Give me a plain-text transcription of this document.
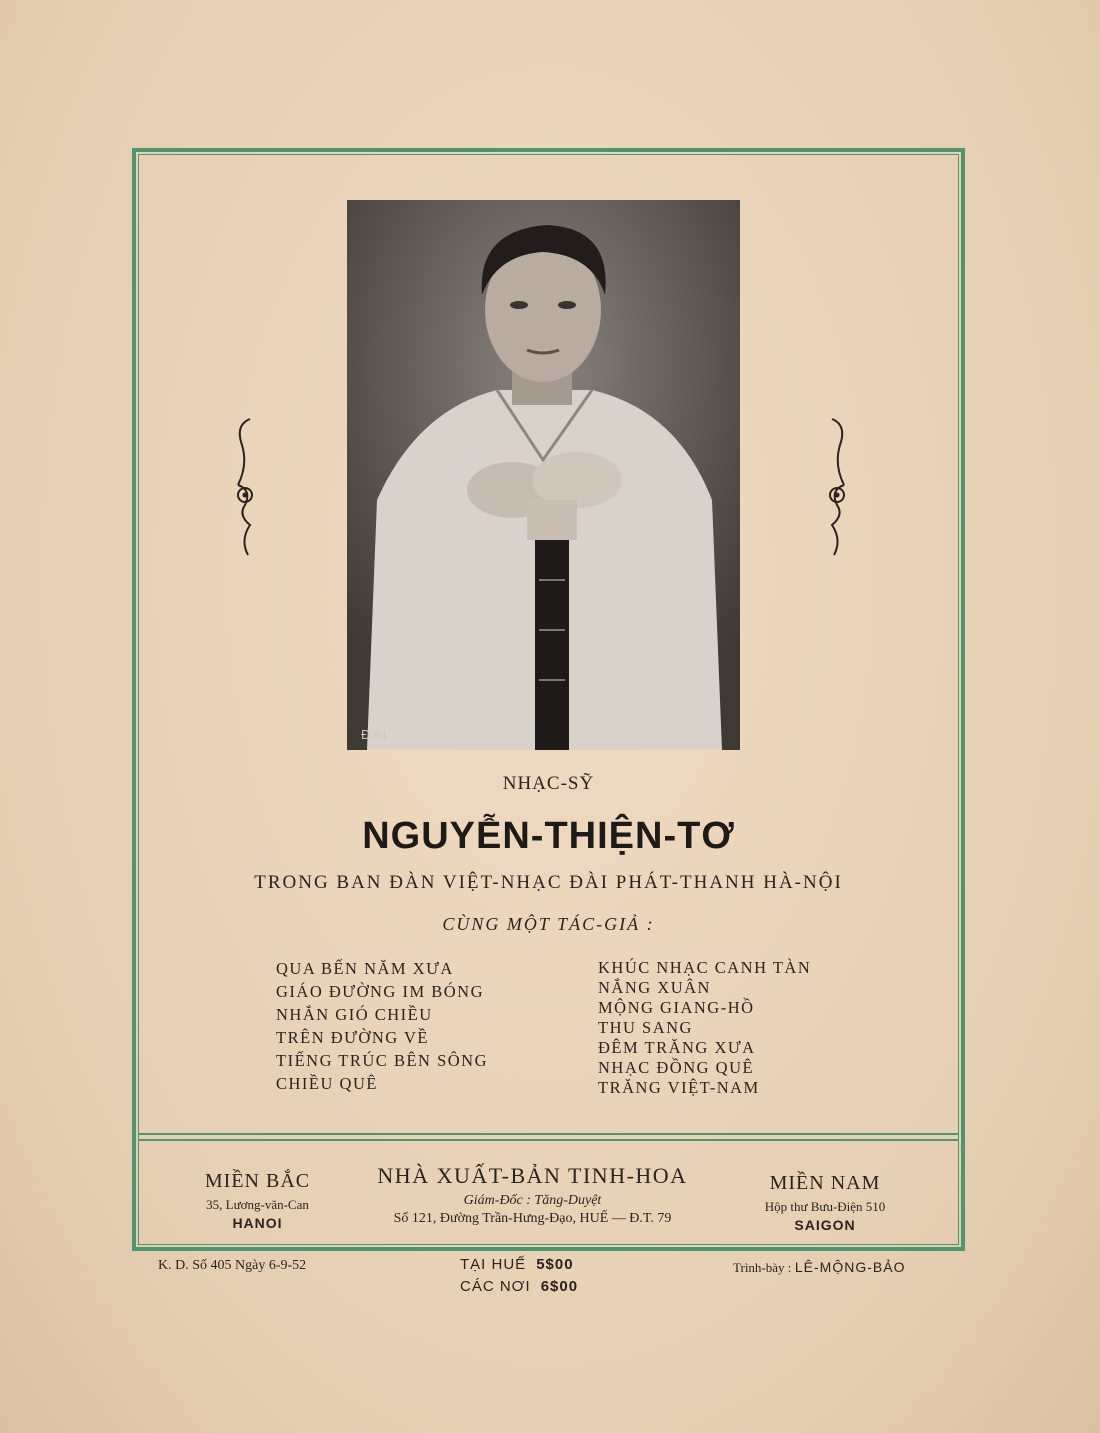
ĐẠI
NHẠC-SỸ
NGUYỄN-THIỆN-TƠ
TRONG BAN ĐÀN VIỆT-NHẠC ĐÀI PHÁT-THANH HÀ-NỘI
CÙNG MỘT TÁC-GIẢ :
QUA BẾN NĂM XƯA
GIÁO ĐƯỜNG IM BÓNG
NHẮN GIÓ CHIỀU
TRÊN ĐƯỜNG VỀ
TIẾNG TRÚC BÊN SÔNG
CHIỀU QUÊ
KHÚC NHẠC CANH TÀN
NẮNG XUÂN
MỘNG GIANG-HỒ
THU SANG
ĐÊM TRĂNG XƯA
NHẠC ĐỒNG QUÊ
TRĂNG VIỆT-NAM
MIỀN BẮC
35, Lương-văn-Can
HANOI
NHÀ XUẤT-BẢN TINH-HOA
Giám-Đốc : Tăng-Duyệt
Số 121, Đường Trần-Hưng-Đạo, HUẾ — Đ.T. 79
MIỀN NAM
Hộp thư Bưu-Điện 510
SAIGON
K. D. Số 405 Ngày 6-9-52	TẠI HUẾ 5$00
CÁC NƠI 6$00
Trình-bày : LÊ-MỘNG-BẢO
